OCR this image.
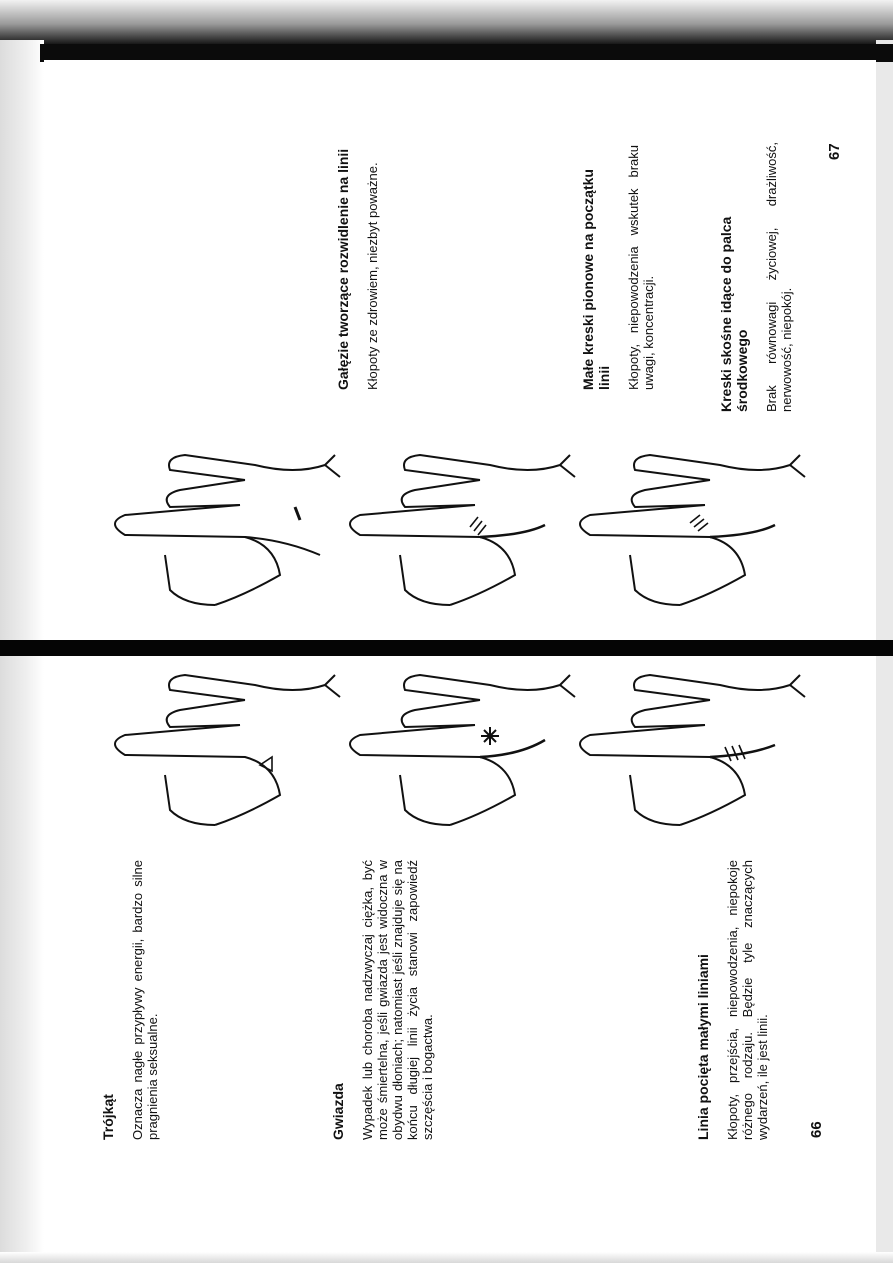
Gałęzie tworzące rozwidlenie na linii Kłopoty ze zdrowiem, niezbyt poważne.	Małe kreski pionowe na początku linii Kłopoty, niepowodzenia wskutek braku uwagi, koncentracji.	Kreski skośne idące do palca środkowego Brak równowagi życiowej, drażliwość, nerwowość, niepokój.
67
Trójkąt Oznacza nagłe przypływy energii, bardzo silne pragnienia seksualne.	Gwiazda Wypadek lub choroba nadzwyczaj ciężka, być może śmiertelna, jeśli gwiazda jest widoczna w obydwu dłoniach; natomiast jeśli znajduje się na końcu długiej linii życia stanowi zapowiedź szczęścia i bogactwa.	Linia pocięta małymi liniami Kłopoty, przejścia, niepowodzenia, niepokoje różnego rodzaju. Będzie tyle znaczących wydarzeń, ile jest linii.	66
